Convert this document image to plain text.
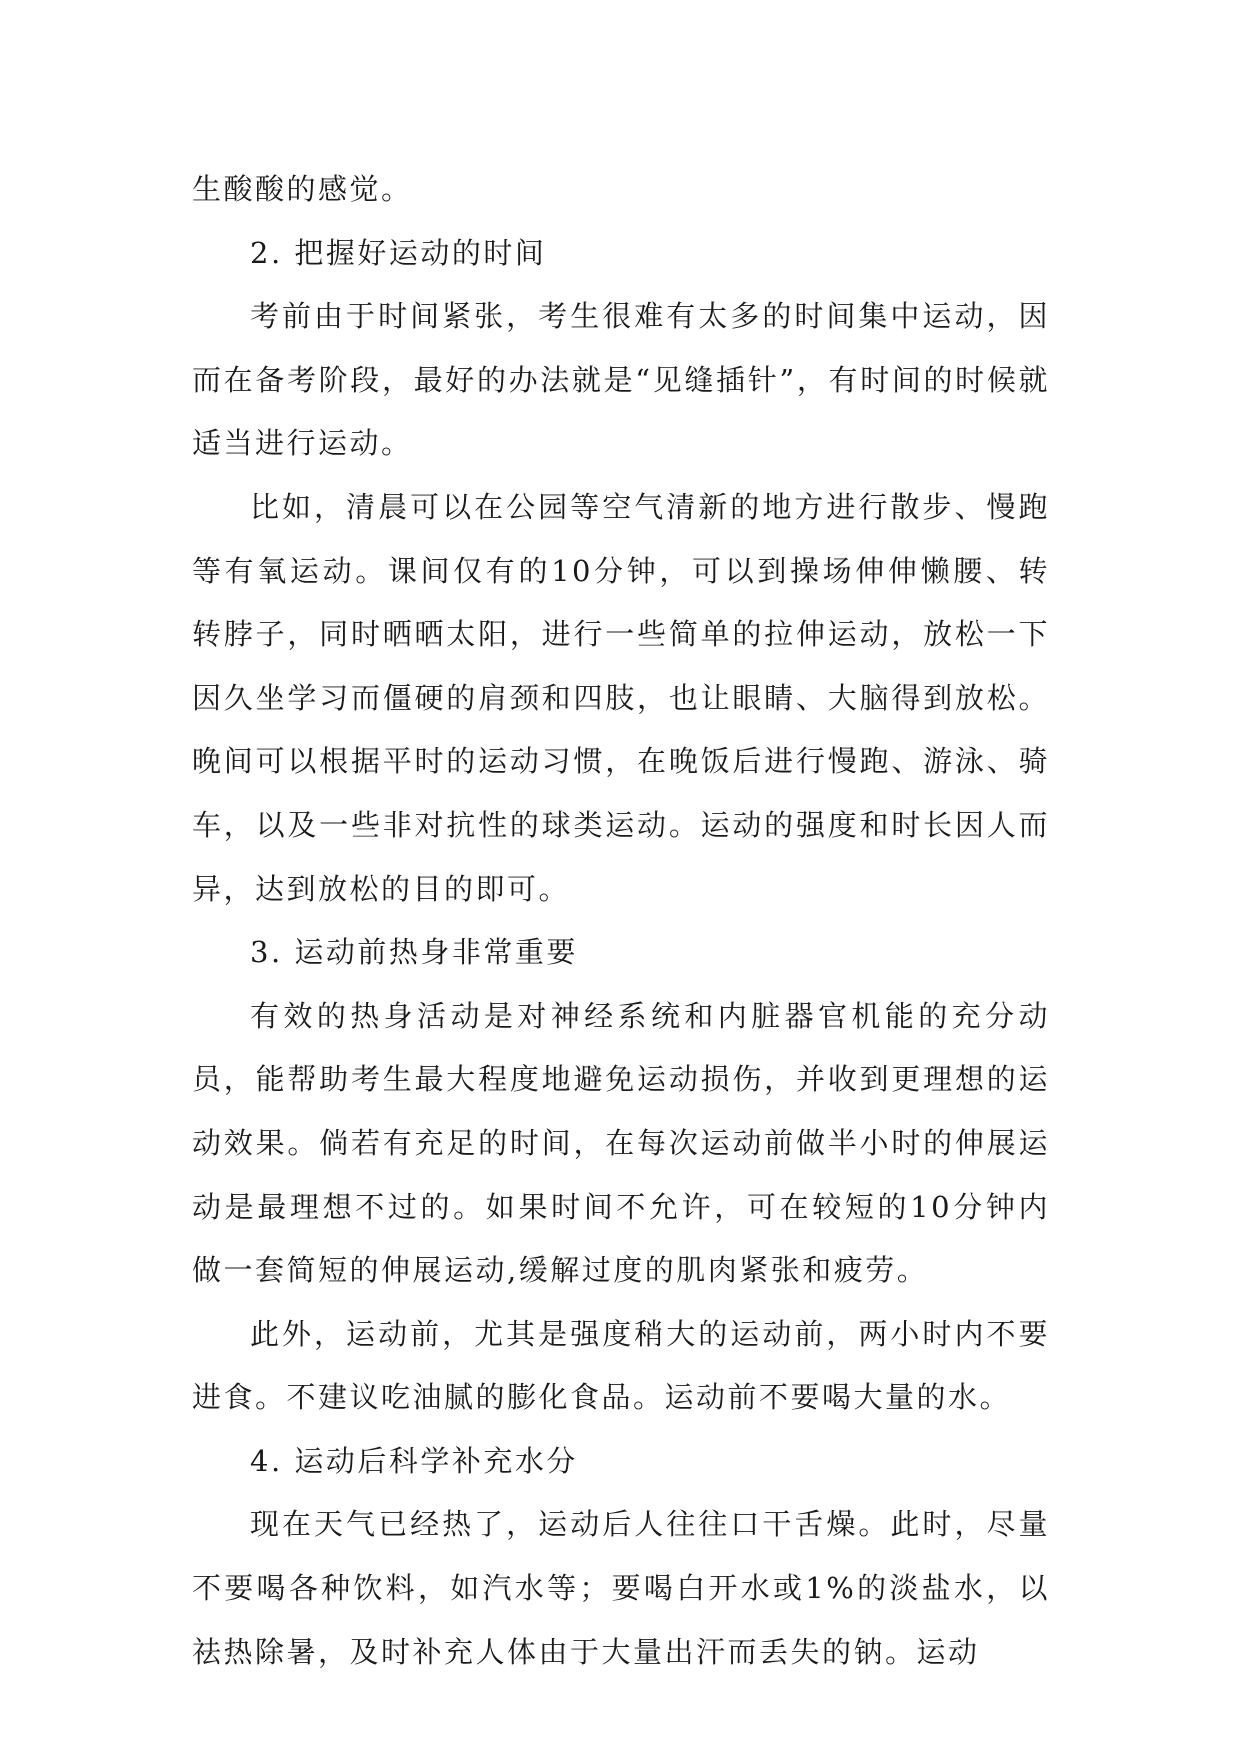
生酸酸的感觉。

2. 把握好运动的时间

考前由于时间紧张，考生很难有太多的时间集中运动，因而在备考阶段，最好的办法就是“见缝插针”，有时间的时候就适当进行运动。

比如，清晨可以在公园等空气清新的地方进行散步、慢跑等有氧运动。课间仅有的10分钟，可以到操场伸伸懒腰、转转脖子，同时晒晒太阳，进行一些简单的拉伸运动，放松一下因久坐学习而僵硬的肩颈和四肢，也让眼睛、大脑得到放松。晚间可以根据平时的运动习惯，在晚饭后进行慢跑、游泳、骑车，以及一些非对抗性的球类运动。运动的强度和时长因人而异，达到放松的目的即可。

3. 运动前热身非常重要

有效的热身活动是对神经系统和内脏器官机能的充分动员，能帮助考生最大程度地避免运动损伤，并收到更理想的运动效果。倘若有充足的时间，在每次运动前做半小时的伸展运动是最理想不过的。如果时间不允许，可在较短的10分钟内做一套简短的伸展运动,缓解过度的肌肉紧张和疲劳。

此外，运动前，尤其是强度稍大的运动前，两小时内不要进食。不建议吃油腻的膨化食品。运动前不要喝大量的水。

4. 运动后科学补充水分

现在天气已经热了，运动后人往往口干舌燥。此时，尽量不要喝各种饮料，如汽水等；要喝白开水或1%的淡盐水，以祛热除暑，及时补充人体由于大量出汗而丢失的钠。运动
